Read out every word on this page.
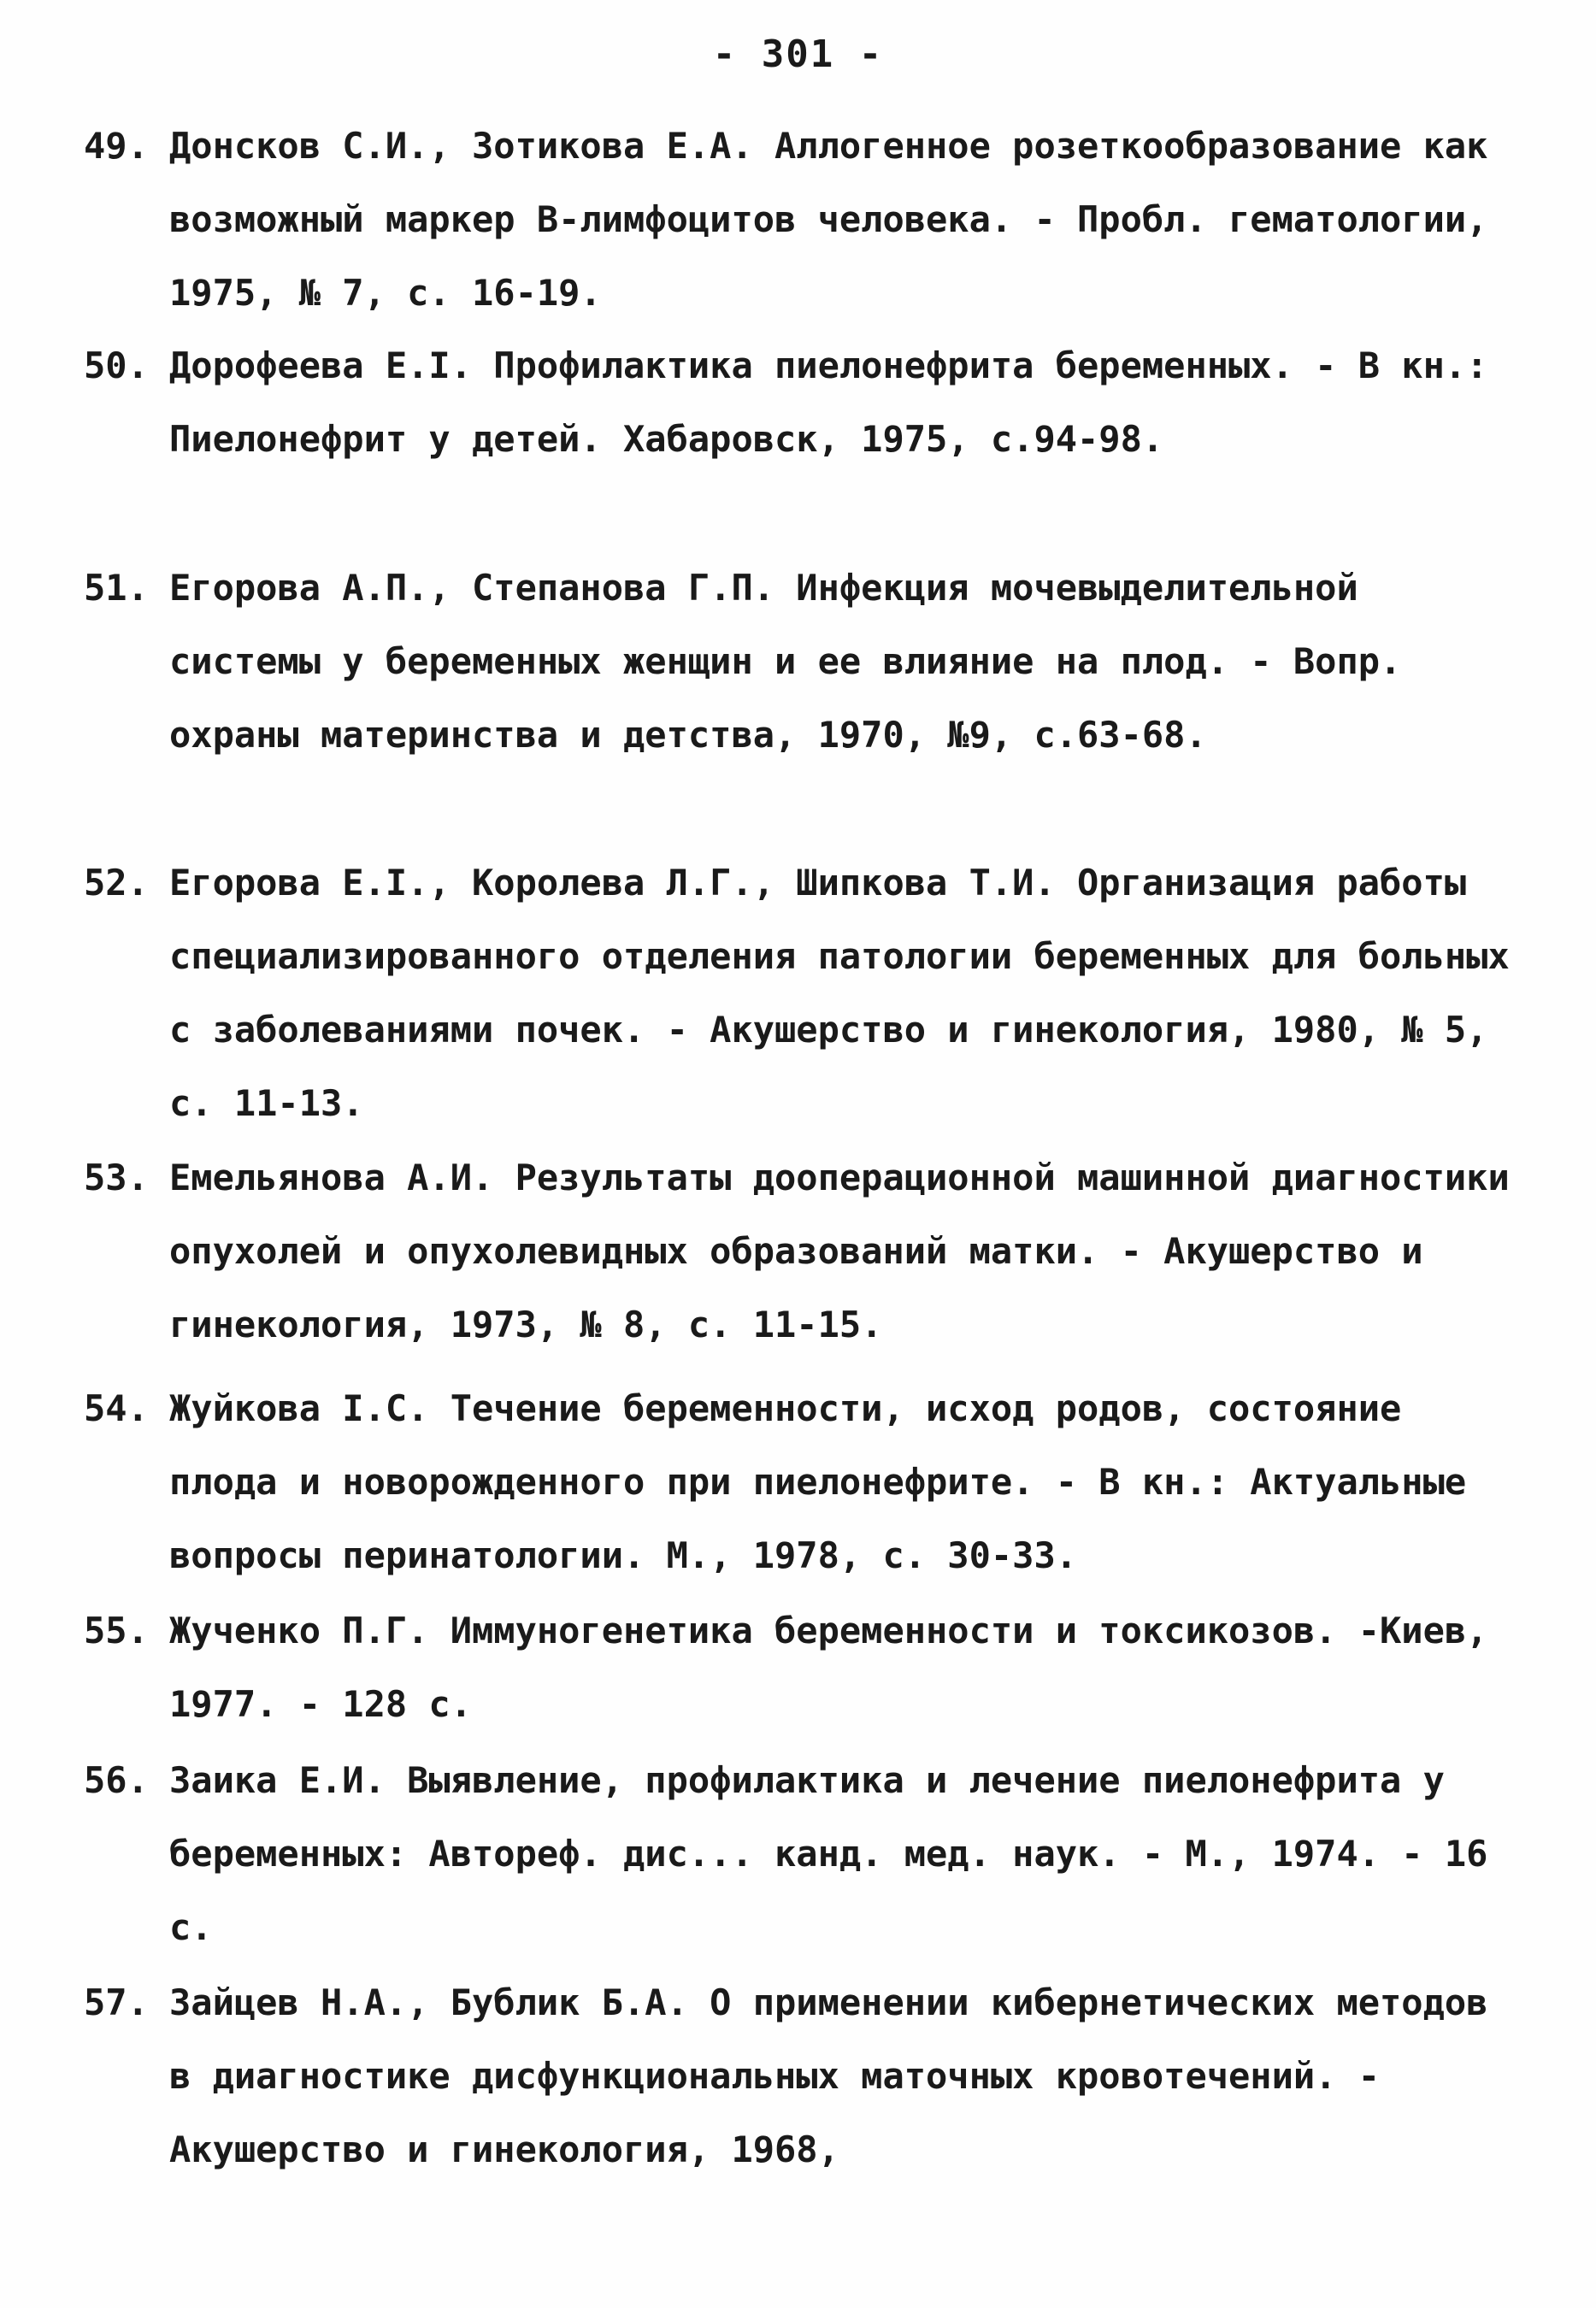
- 301 -
49. Донсков С.И., Зотикова Е.А. Аллогенное розеткообразование как возможный маркер В-лимфоцитов человека. - Пробл. гематологии, 1975, № 7, с. 16-19.
50. Дорофеева Е.І. Профилактика пиелонефрита беременных. - В кн.: Пиелонефрит у детей. Хабаровск, 1975, с.94-98.
51. Егорова А.П., Степанова Г.П. Инфекция мочевыделительной системы у беременных женщин и ее влияние на плод. - Вопр. охраны материнства и детства, 1970, №9, с.63-68.
52. Егорова Е.І., Королева Л.Г., Шипкова Т.И. Организация работы специализированного отделения патологии беременных для больных с заболеваниями почек. - Акушерство и гинекология, 1980, № 5, с. 11-13.
53. Емельянова А.И. Результаты дооперационной машинной диагностики опухолей и опухолевидных образований матки. - Акушерство и гинекология, 1973, № 8, с. 11-15.
54. Жуйкова І.С. Течение беременности, исход родов, состояние плода и новорожденного при пиелонефрите. - В кн.: Актуальные вопросы перинатологии. М., 1978, с. 30-33.
55. Жученко П.Г. Иммуногенетика беременности и токсикозов. -Киев, 1977. - 128 с.
56. Заика Е.И. Выявление, профилактика и лечение пиелонефрита у беременных: Автореф. дис... канд. мед. наук. - М., 1974. - 16 с.
57. Зайцев Н.А., Бублик Б.А. О применении кибернетических методов в диагностике дисфункциональных маточных кровотечений. - Акушерство и гинекология, 1968,
